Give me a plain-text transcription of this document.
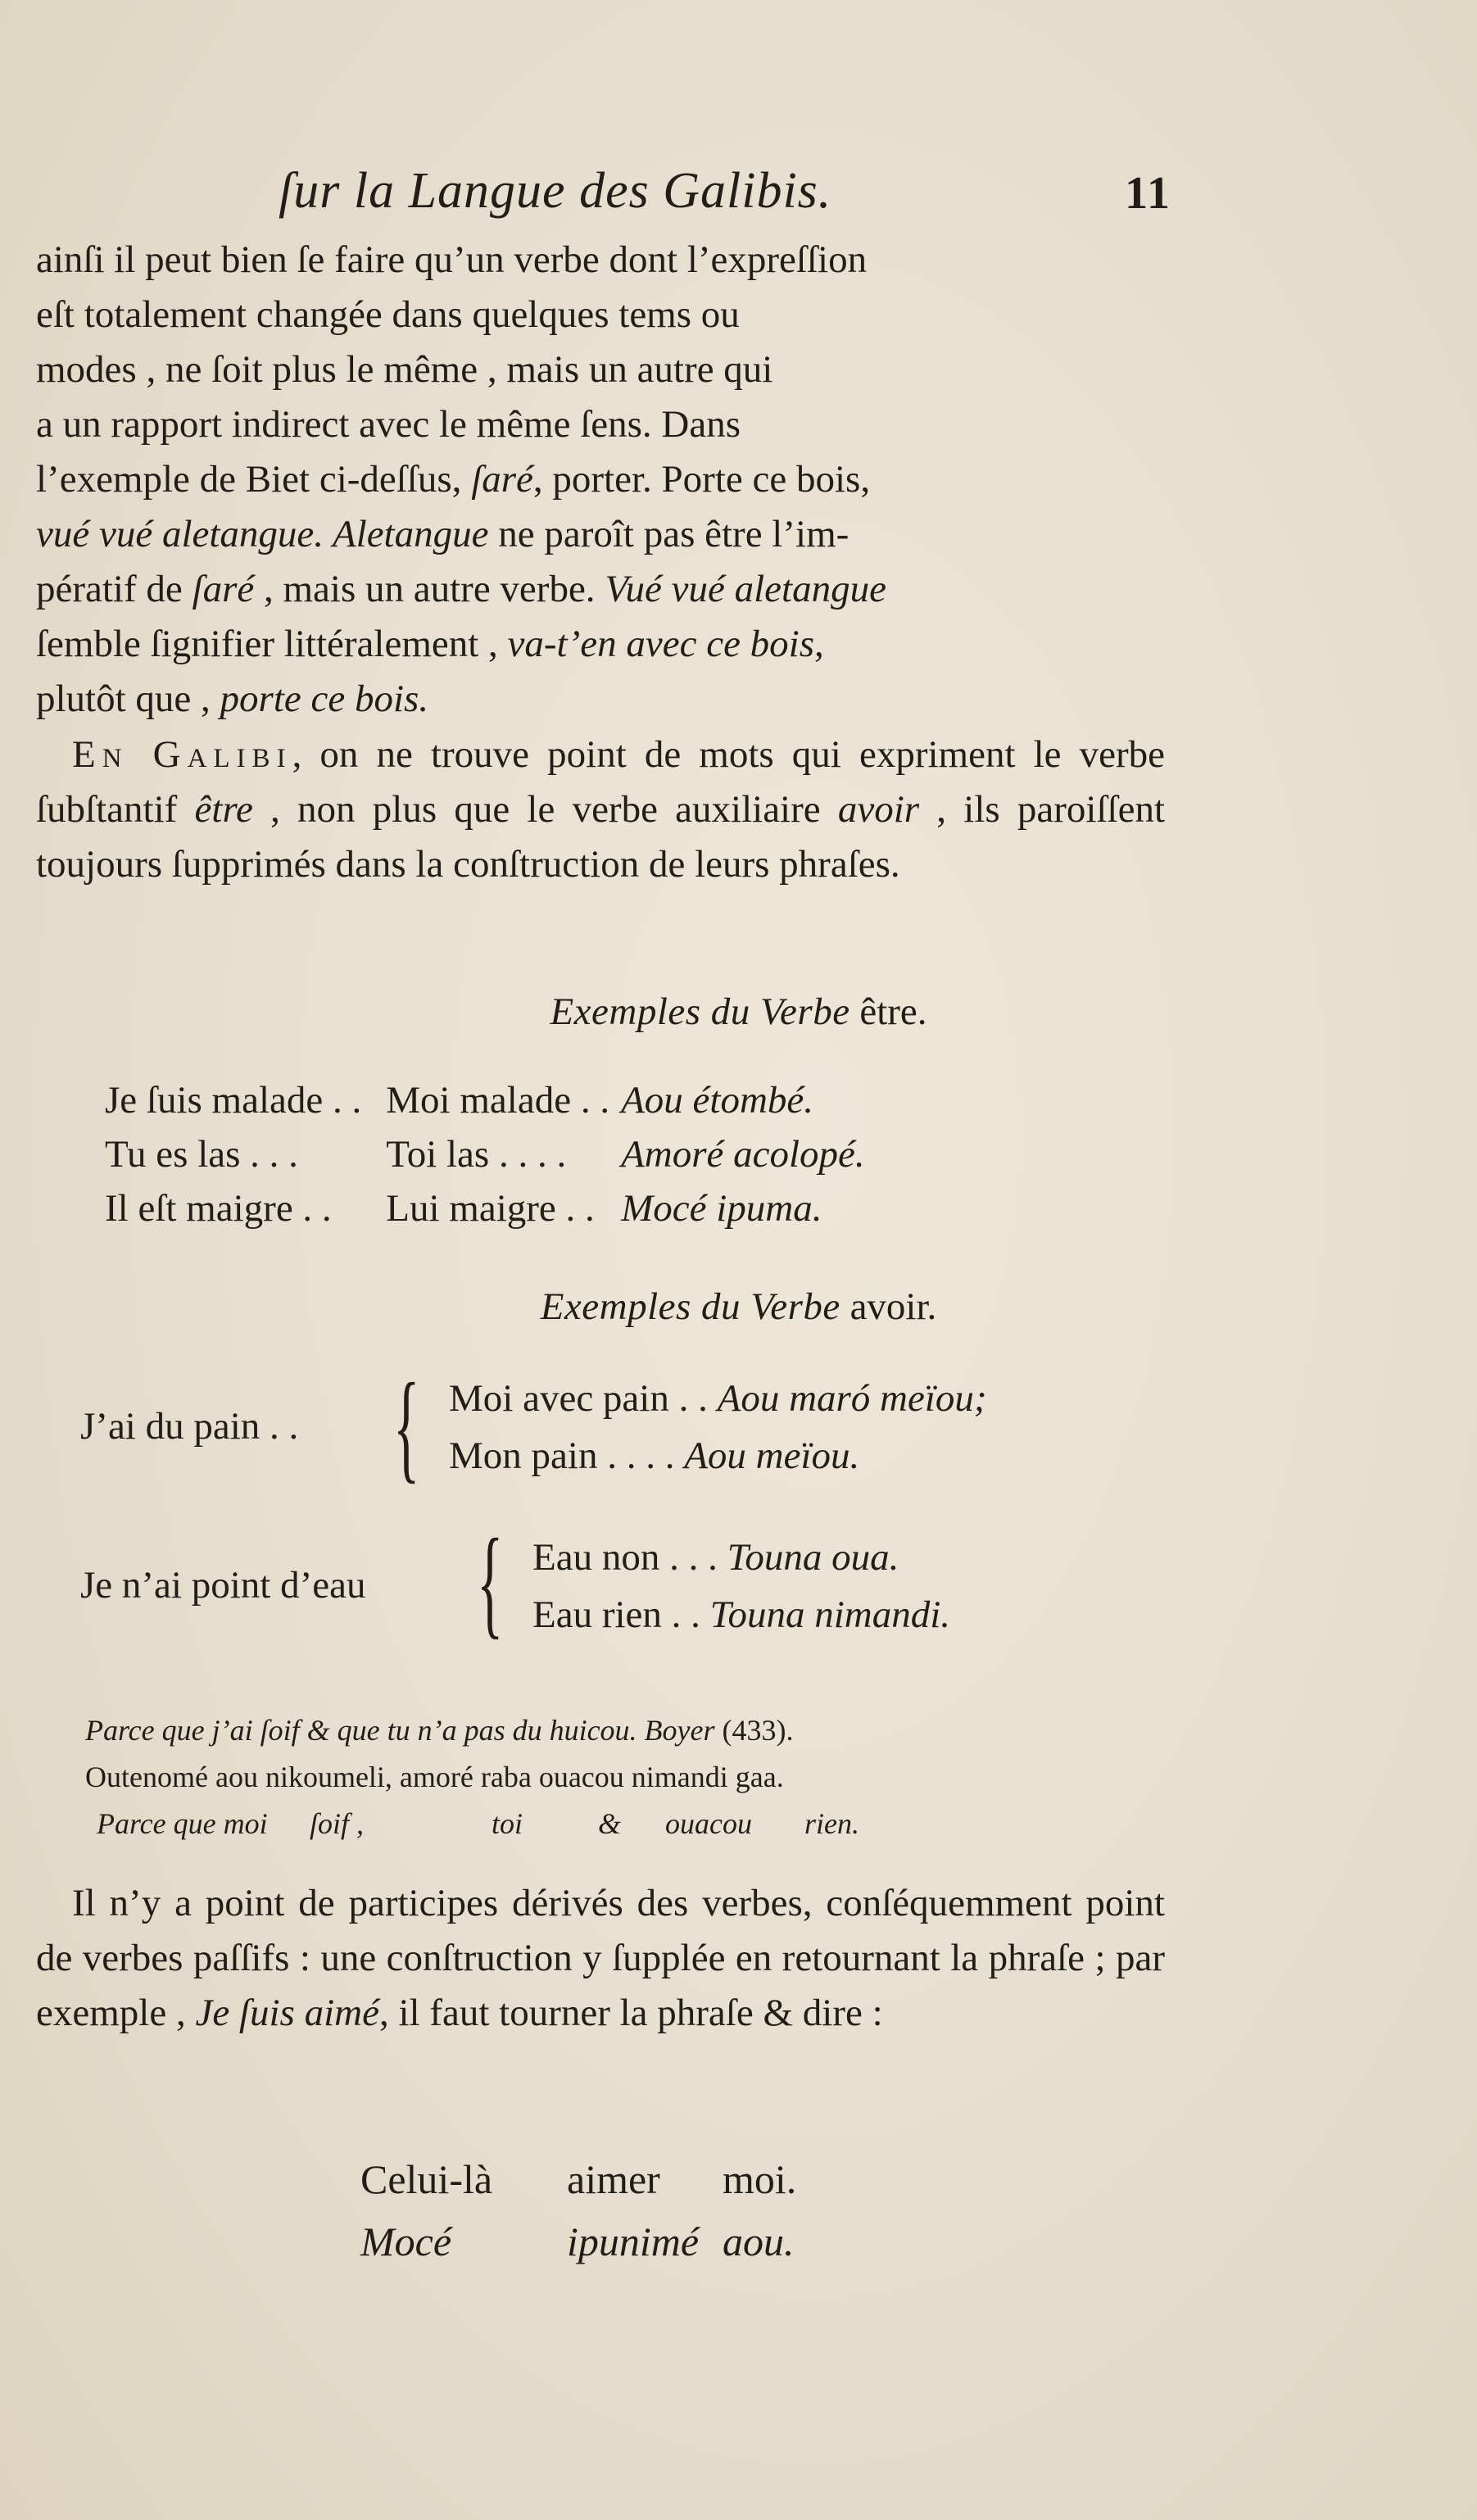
ſur la Langue des Galibis.	11
ainſi il peut bien ſe faire qu’un verbe dont l’expreſſion
eſt totalement changée dans quelques tems ou
modes , ne ſoit plus le même , mais un autre qui
a un rapport indirect avec le même ſens. Dans
l’exemple de Biet ci-deſſus, ſaré, porter. Porte ce bois,
vué vué aletangue. Aletangue ne paroît pas être l’im-
pératif de ſaré , mais un autre verbe. Vué vué aletangue
ſemble ſignifier littéralement , va-t’en avec ce bois,
plutôt que , porte ce bois.

En Galibi, on ne trouve point de mots qui expriment le verbe ſubſtantif être , non plus que le verbe auxiliaire avoir , ils paroiſſent toujours ſupprimés dans la conſtruction de leurs phraſes.

Exemples du Verbe être.
Je ſuis malade . .	Moi malade . .	Aou étombé.
Tu es las . . .	Toi las . . . .	Amoré acolopé.
Il eſt maigre . .	Lui maigre . .	Mocé ipuma.
Exemples du Verbe avoir.
J’ai du pain . . { Moi avec pain . . Aou maró meïou;
Mon pain . . . . Aou meïou.
Je n’ai point d’eau { Eau non . . . Touna oua.
Eau rien . . Touna nimandi.
Parce que j’ai ſoif & que tu n’a pas du huicou. Boyer (433).
Outenomé aou nikoumeli, amoré raba ouacou nimandi gaa.
Parce que moi ſoif ,	toi	& ouacou rien.

Il n’y a point de participes dérivés des verbes, conſéquemment point de verbes paſſifs : une conſtruction y ſupplée en retournant la phraſe ; par exemple , Je ſuis aimé, il faut tourner la phraſe & dire :

Celui-là aimer moi.
Mocé	ipunimé aou.
